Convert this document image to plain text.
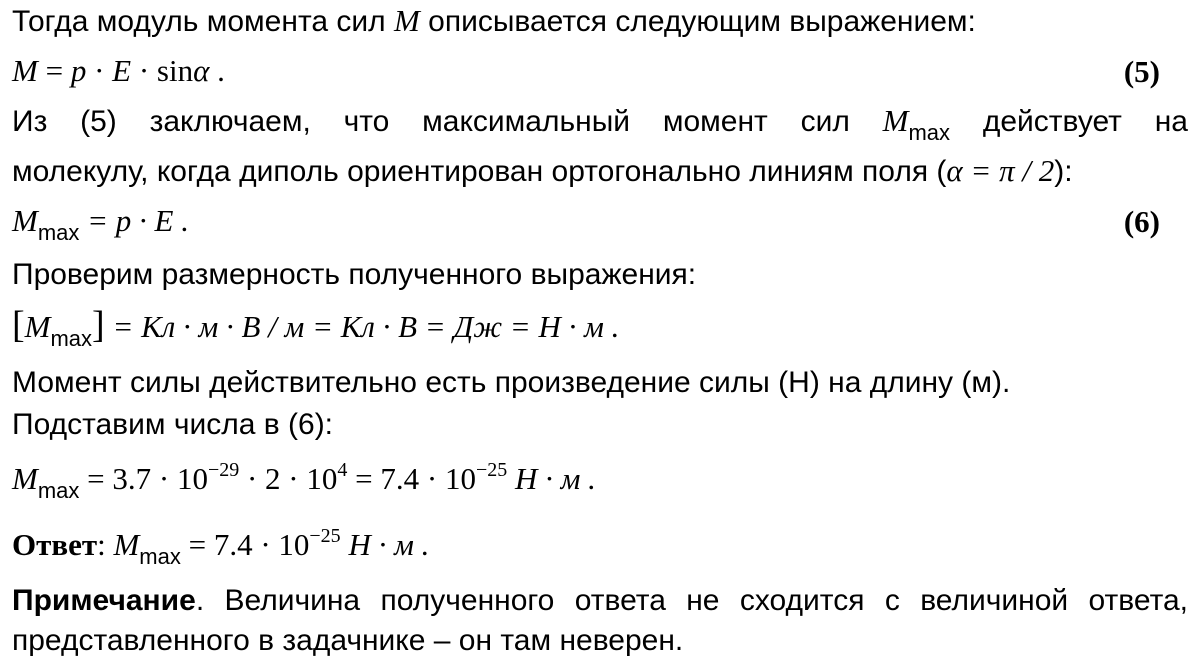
Тогда модуль момента сил M описывается следующим выражением:
M = p · E · sinα .	(5)
Из (5) заключаем, что максимальный момент сил $M_{max}$ действует на
молекулу, когда диполь ориентирован ортогонально линиям поля (α = π / 2):
$M_{max} = p \cdot E$ .	(6)
Проверим размерность полученного выражения:
$[M_{max}]$ = Кл · м · В / м = Кл · В = Дж = Н · м .
Момент силы действительно есть произведение силы (Н) на длину (м).
Подставим числа в (6):
$M_{max} = 3.7 \cdot 10^{-29} \cdot 2 \cdot 10^4 = 7.4 \cdot 10^{-25}$ Н · м .
Ответ: $M_{max} = 7.4 \cdot 10^{-25}$ Н · м .
Примечание. Величина полученного ответа не сходится с величиной ответа,
представленного в задачнике – он там неверен.
